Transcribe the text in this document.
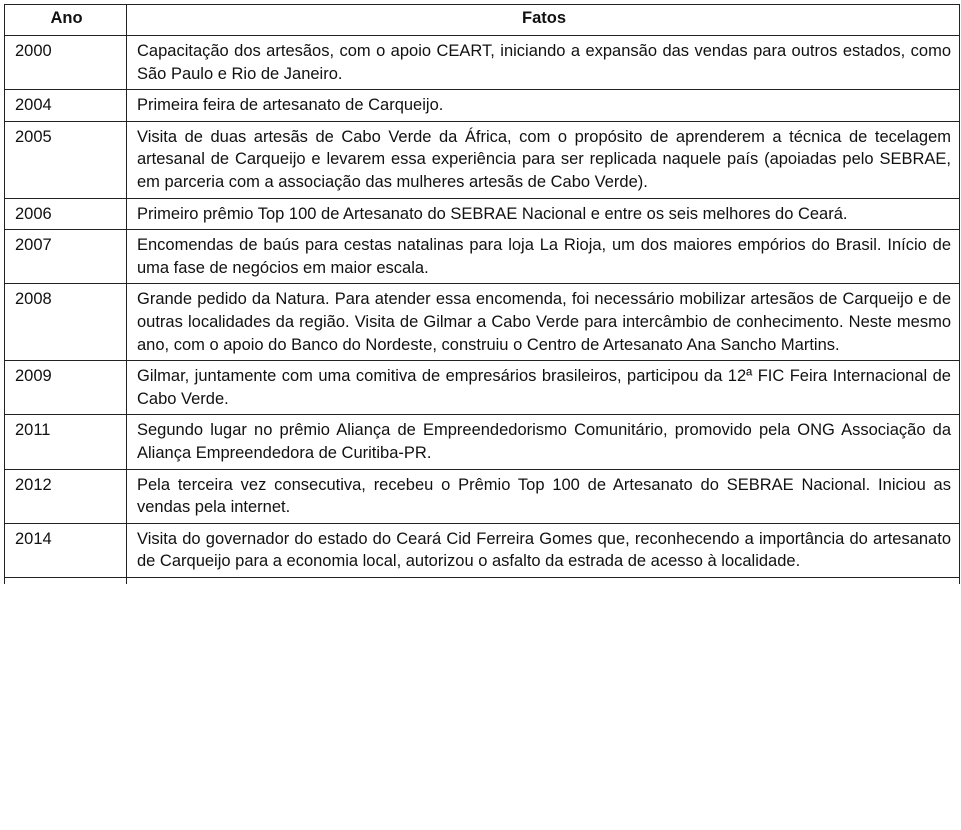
Ano	Fatos
2000	Capacitação dos artesãos, com o apoio CEART, iniciando a expansão das vendas para outros estados, como São Paulo e Rio de Janeiro.
2004	Primeira feira de artesanato de Carqueijo.
2005	Visita de duas artesãs de Cabo Verde da África, com o propósito de aprenderem a técnica de tecelagem artesanal de Carqueijo e levarem essa experiência para ser replicada naquele país (apoiadas pelo SEBRAE, em parceria com a associação das mulheres artesãs de Cabo Verde).
2006	Primeiro prêmio Top 100 de Artesanato do SEBRAE Nacional e entre os seis melhores do Ceará.
2007	Encomendas de baús para cestas natalinas para loja La Rioja, um dos maiores empórios do Brasil. Início de uma fase de negócios em maior escala.
2008	Grande pedido da Natura. Para atender essa encomenda, foi necessário mobilizar artesãos de Carqueijo e de outras localidades da região. Visita de Gilmar a Cabo Verde para intercâmbio de conhecimento. Neste mesmo ano, com o apoio do Banco do Nordeste, construiu o Centro de Artesanato Ana Sancho Martins.
2009	Gilmar, juntamente com uma comitiva de empresários brasileiros, participou da 12ª FIC Feira Internacional de Cabo Verde.
2011	Segundo lugar no prêmio Aliança de Empreendedorismo Comunitário, promovido pela ONG Associação da Aliança Empreendedora de Curitiba-PR.
2012	Pela terceira vez consecutiva, recebeu o Prêmio Top 100 de Artesanato do SEBRAE Nacional. Iniciou as vendas pela internet.
2014	Visita do governador do estado do Ceará Cid Ferreira Gomes que, reconhecendo a importância do artesanato de Carqueijo para a economia local, autorizou o asfalto da estrada de acesso à localidade.
